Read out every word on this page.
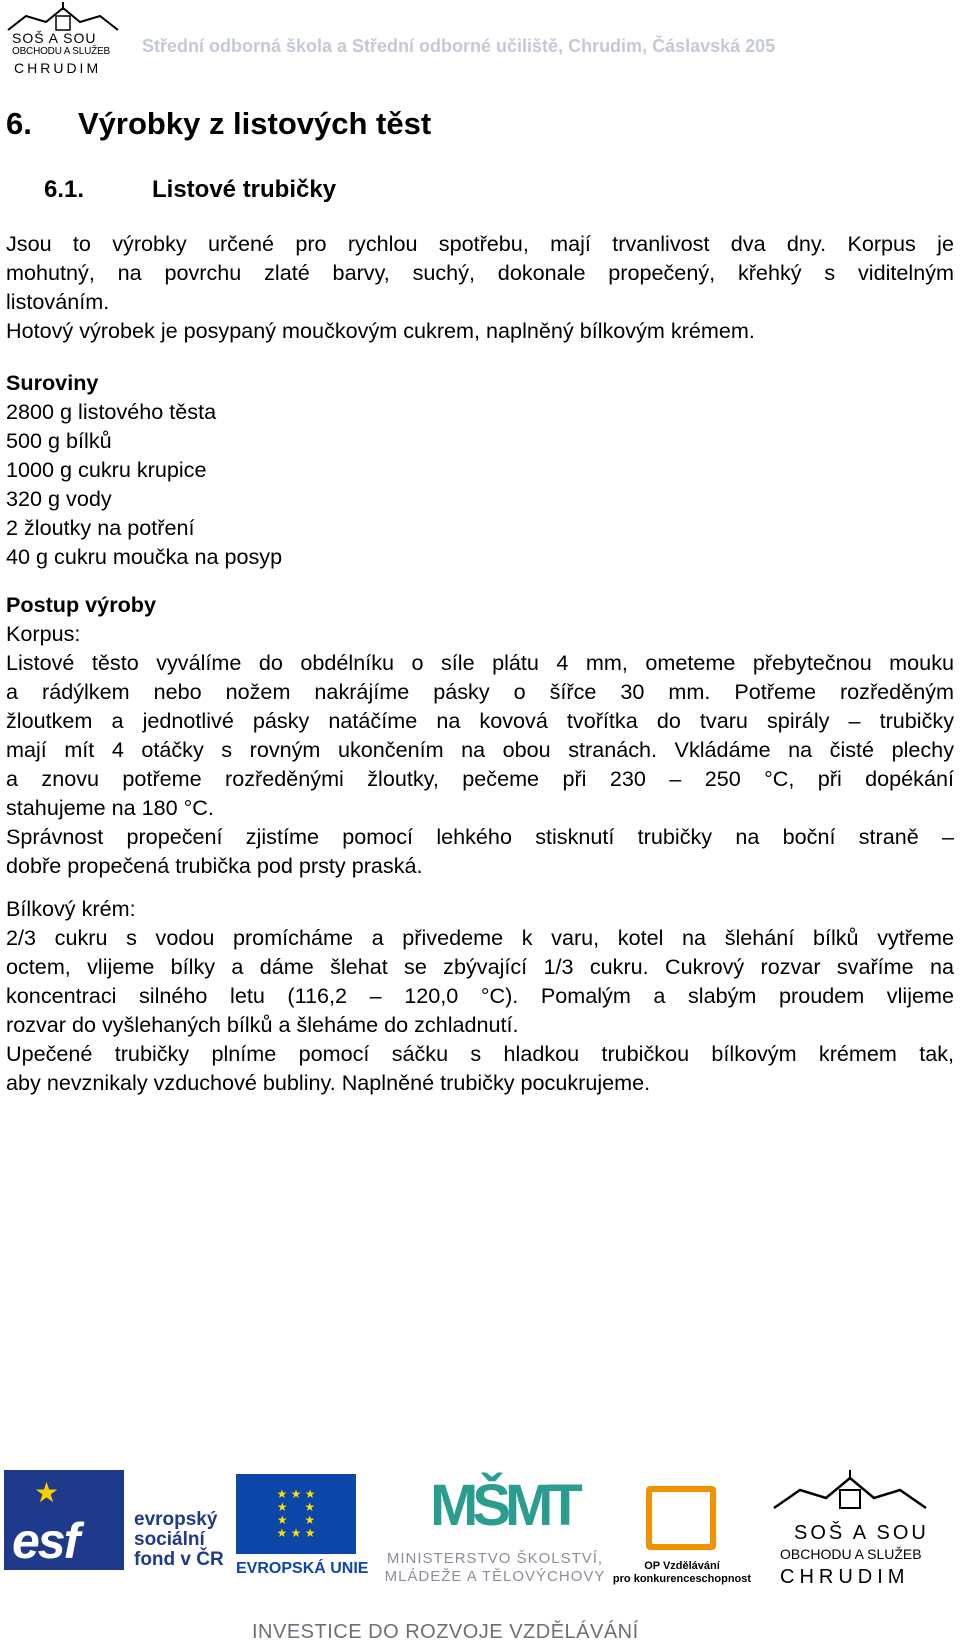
SOŠ A SOU
OBCHODU A SLUŽEB
CHRUDIM
Střední odborná škola a Střední odborné učiliště, Chrudim, Čáslavská 205
6. Výrobky z listových těst
6.1.	Listové trubičky
Jsou to výrobky určené pro rychlou spotřebu, mají trvanlivost dva dny. Korpus je
mohutný, na povrchu zlaté barvy, suchý, dokonale propečený, křehký s viditelným
listováním.
Hotový výrobek je posypaný moučkovým cukrem, naplněný bílkovým krémem.
Suroviny
2800 g listového těsta
500 g bílků
1000 g cukru krupice
320 g vody
2 žloutky na potření
40 g cukru moučka na posyp
Postup výroby
Korpus:
Listové těsto vyválíme do obdélníku o síle plátu 4 mm, ometeme přebytečnou mouku
a rádýlkem nebo nožem nakrájíme pásky o šířce 30 mm. Potřeme rozředěným
žloutkem a jednotlivé pásky natáčíme na kovová tvořítka do tvaru spirály – trubičky
mají mít 4 otáčky s rovným ukončením na obou stranách. Vkládáme na čisté plechy
a znovu potřeme rozředěnými žloutky, pečeme při 230 – 250 °C, při dopékání
stahujeme na 180 °C.
Správnost propečení zjistíme pomocí lehkého stisknutí trubičky na boční straně –
dobře propečená trubička pod prsty praská.
Bílkový krém:
2/3 cukru s vodou promícháme a přivedeme k varu, kotel na šlehání bílků vytřeme
octem, vlijeme bílky a dáme šlehat se zbývající 1/3 cukru. Cukrový rozvar svaříme na
koncentraci silného letu (116,2 – 120,0 °C). Pomalým a slabým proudem vlijeme
rozvar do vyšlehaných bílků a šleháme do zchladnutí.
Upečené trubičky plníme pomocí sáčku s hladkou trubičkou bílkovým krémem tak,
aby nevznikaly vzduchové bubliny. Naplněné trubičky pocukrujeme.
★
esf	evropský
sociální
fond v ČR
★ ★ ★
★     ★
★     ★
★ ★ ★
EVROPSKÁ UNIE
MŠMT
MINISTERSTVO ŠKOLSTVÍ,
MLÁDEŽE A TĚLOVÝCHOVY
OP Vzdělávání
pro konkurenceschopnost
SOŠ A SOU
OBCHODU A SLUŽEB
CHRUDIM
INVESTICE DO ROZVOJE VZDĚLÁVÁNÍ
